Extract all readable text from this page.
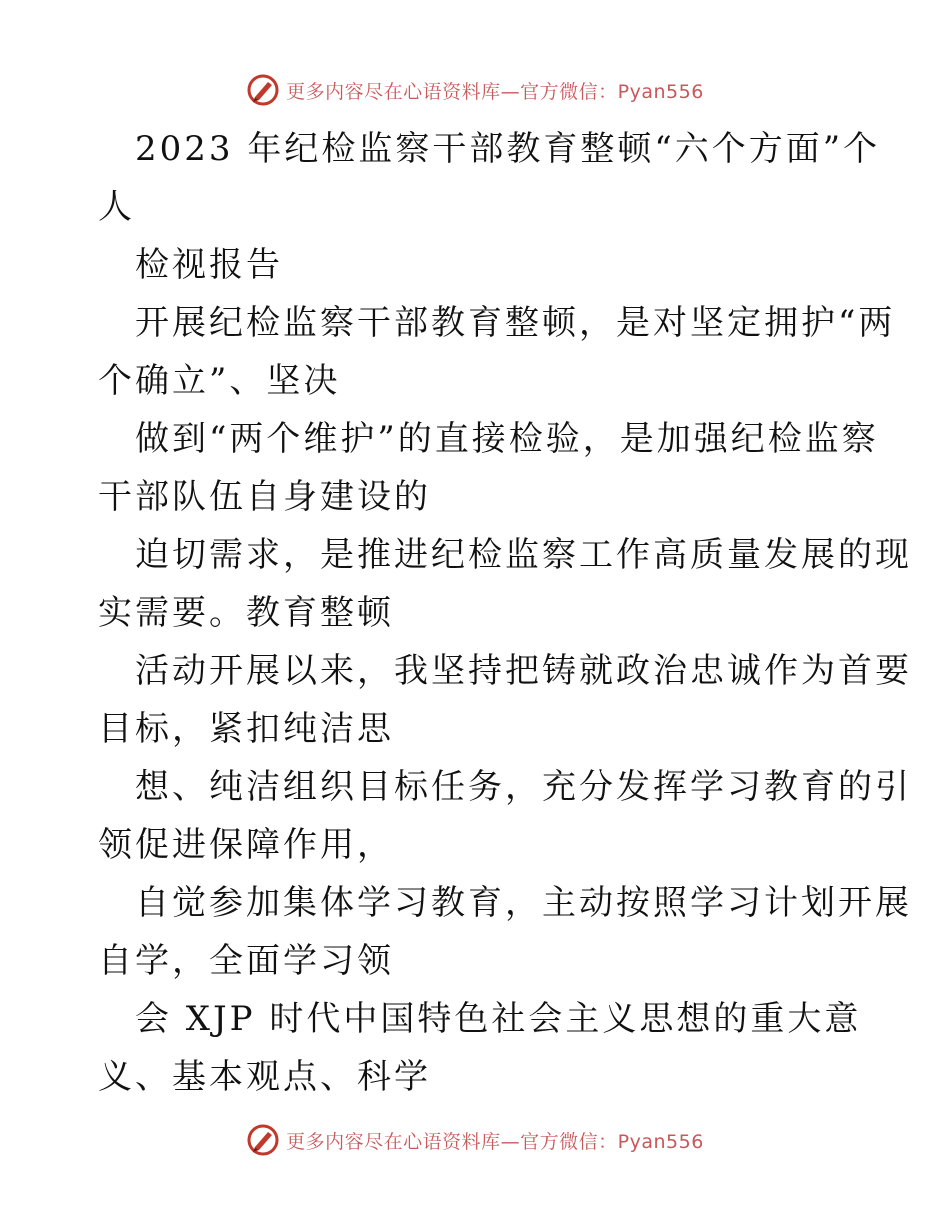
更多内容尽在心语资料库—官方微信：Pyan556
2023 年纪检监察干部教育整顿“六个方面”个
人
检视报告
开展纪检监察干部教育整顿，是对坚定拥护“两
个确立”、坚决
做到“两个维护”的直接检验，是加强纪检监察
干部队伍自身建设的
迫切需求，是推进纪检监察工作高质量发展的现
实需要。教育整顿
活动开展以来，我坚持把铸就政治忠诚作为首要
目标，紧扣纯洁思
想、纯洁组织目标任务，充分发挥学习教育的引
领促进保障作用，
自觉参加集体学习教育，主动按照学习计划开展
自学，全面学习领
会 XJP 时代中国特色社会主义思想的重大意
义、基本观点、科学
更多内容尽在心语资料库—官方微信：Pyan556
